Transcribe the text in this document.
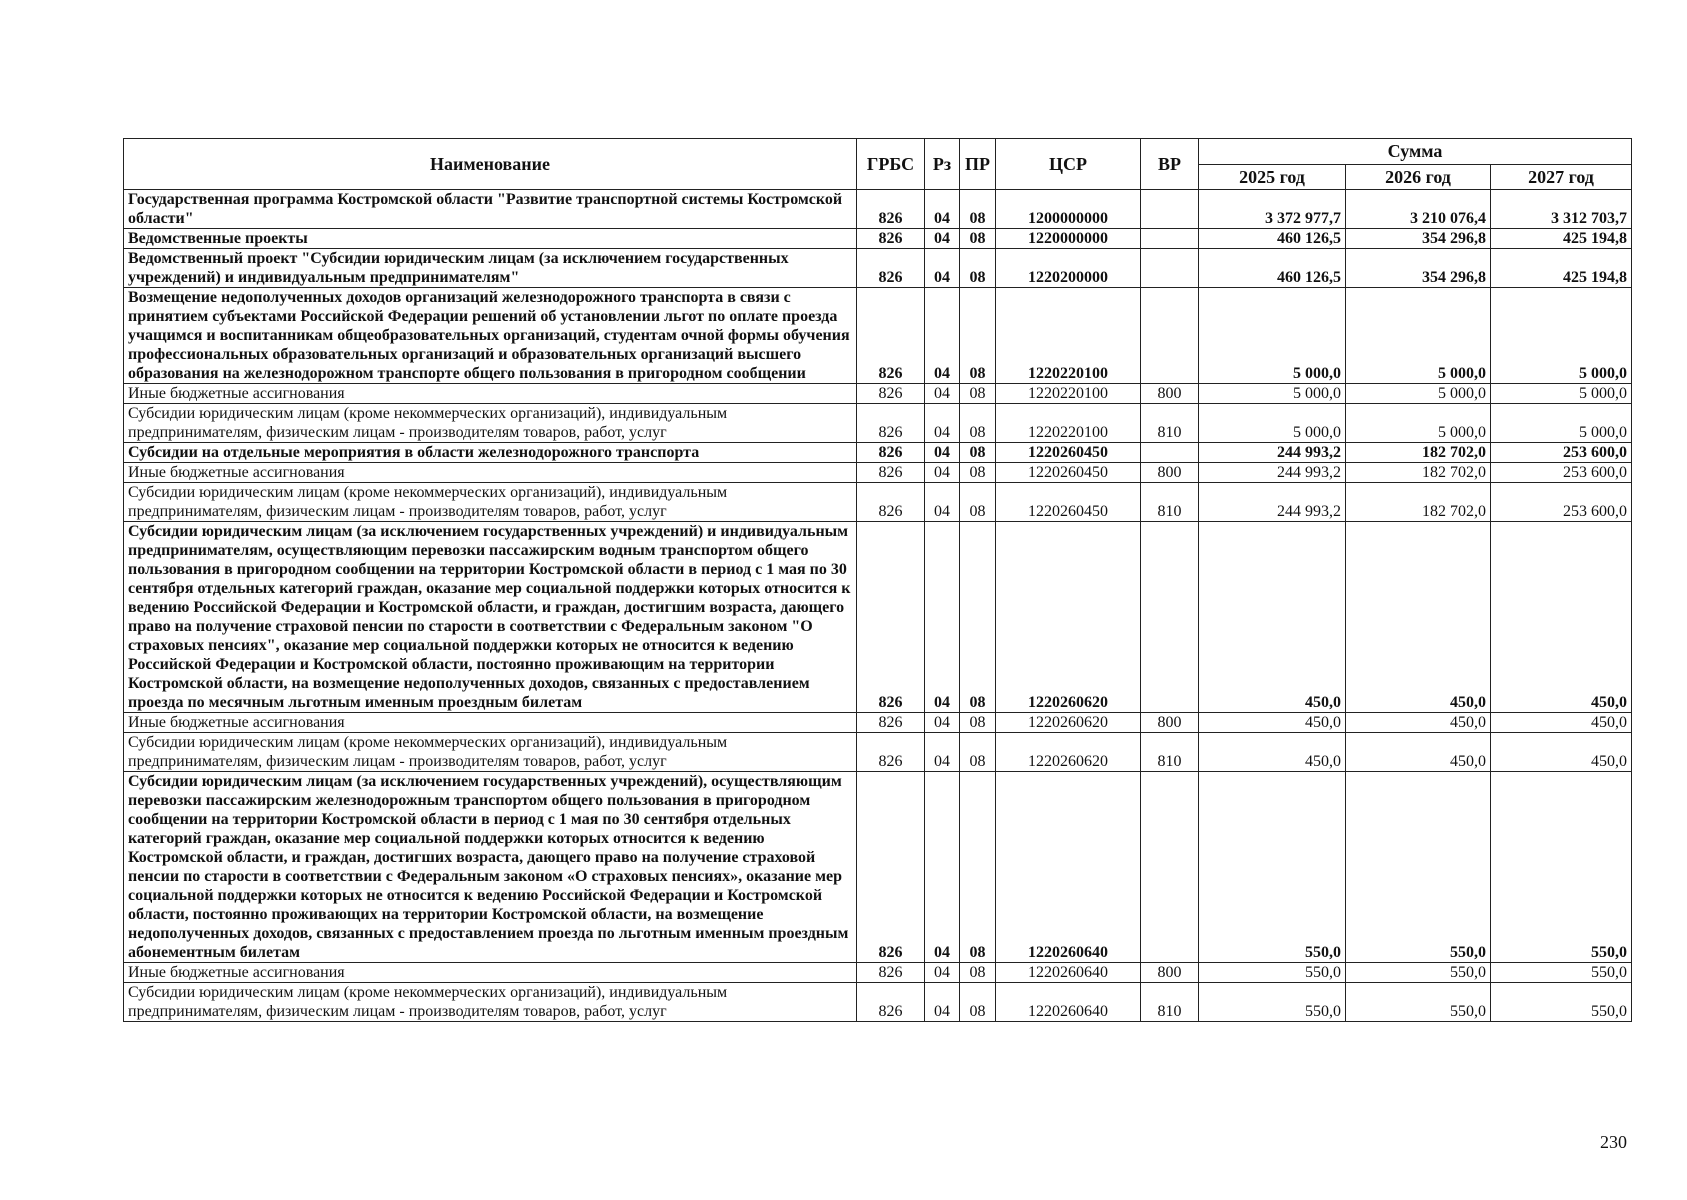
Наименование	ГРБС	Рз	ПР	ЦСР	ВР	Сумма		
						2025 год	2026 год	2027 год
Государственная программа Костромской области "Развитие транспортной системы Костромской области"	826	04	08	1200000000		3 372 977,7	3 210 076,4	3 312 703,7
Ведомственные проекты	826	04	08	1220000000		460 126,5	354 296,8	425 194,8
Ведомственный проект "Субсидии юридическим лицам (за исключением государственных учреждений) и индивидуальным предпринимателям"	826	04	08	1220200000		460 126,5	354 296,8	425 194,8
Возмещение недополученных доходов организаций железнодорожного транспорта в связи с принятием субъектами Российской Федерации решений об установлении льгот по оплате проезда учащимся и воспитанникам общеобразовательных организаций, студентам очной формы обучения профессиональных образовательных организаций и образовательных организаций высшего образования на железнодорожном транспорте общего пользования в пригородном сообщении	826	04	08	1220220100		5 000,0	5 000,0	5 000,0
Иные бюджетные ассигнования	826	04	08	1220220100	800	5 000,0	5 000,0	5 000,0
Субсидии юридическим лицам (кроме некоммерческих организаций), индивидуальным предпринимателям, физическим лицам - производителям товаров, работ, услуг	826	04	08	1220220100	810	5 000,0	5 000,0	5 000,0
Субсидии на отдельные мероприятия в области железнодорожного транспорта	826	04	08	1220260450		244 993,2	182 702,0	253 600,0
Иные бюджетные ассигнования	826	04	08	1220260450	800	244 993,2	182 702,0	253 600,0
Субсидии юридическим лицам (кроме некоммерческих организаций), индивидуальным предпринимателям, физическим лицам - производителям товаров, работ, услуг	826	04	08	1220260450	810	244 993,2	182 702,0	253 600,0
Субсидии юридическим лицам (за исключением государственных учреждений) и индивидуальным предпринимателям, осуществляющим перевозки пассажирским водным транспортом общего пользования в пригородном сообщении на территории Костромской области в период с 1 мая по 30 сентября отдельных категорий граждан, оказание мер социальной поддержки которых относится к ведению Российской Федерации и Костромской области, и граждан, достигшим возраста, дающего право на получение страховой пенсии по старости в соответствии с Федеральным законом "О страховых пенсиях", оказание мер социальной поддержки которых не относится к ведению Российской Федерации и Костромской области, постоянно проживающим на территории Костромской области, на возмещение недополученных доходов, связанных с предоставлением проезда по месячным льготным именным проездным билетам	826	04	08	1220260620		450,0	450,0	450,0
Иные бюджетные ассигнования	826	04	08	1220260620	800	450,0	450,0	450,0
Субсидии юридическим лицам (кроме некоммерческих организаций), индивидуальным предпринимателям, физическим лицам - производителям товаров, работ, услуг	826	04	08	1220260620	810	450,0	450,0	450,0
Субсидии юридическим лицам (за исключением государственных учреждений), осуществляющим перевозки пассажирским железнодорожным транспортом общего пользования в пригородном сообщении на территории Костромской области в период с 1 мая по 30 сентября отдельных категорий граждан, оказание мер социальной поддержки которых относится к ведению Костромской области, и граждан, достигших возраста, дающего право на получение страховой пенсии по старости в соответствии с Федеральным законом «О страховых пенсиях», оказание мер социальной поддержки которых не относится к ведению Российской Федерации и Костромской области, постоянно проживающих на территории Костромской области, на возмещение недополученных доходов, связанных с предоставлением проезда по льготным именным проездным абонементным билетам	826	04	08	1220260640		550,0	550,0	550,0
Иные бюджетные ассигнования	826	04	08	1220260640	800	550,0	550,0	550,0
Субсидии юридическим лицам (кроме некоммерческих организаций), индивидуальным предпринимателям, физическим лицам - производителям товаров, работ, услуг	826	04	08	1220260640	810	550,0	550,0	550,0
230
